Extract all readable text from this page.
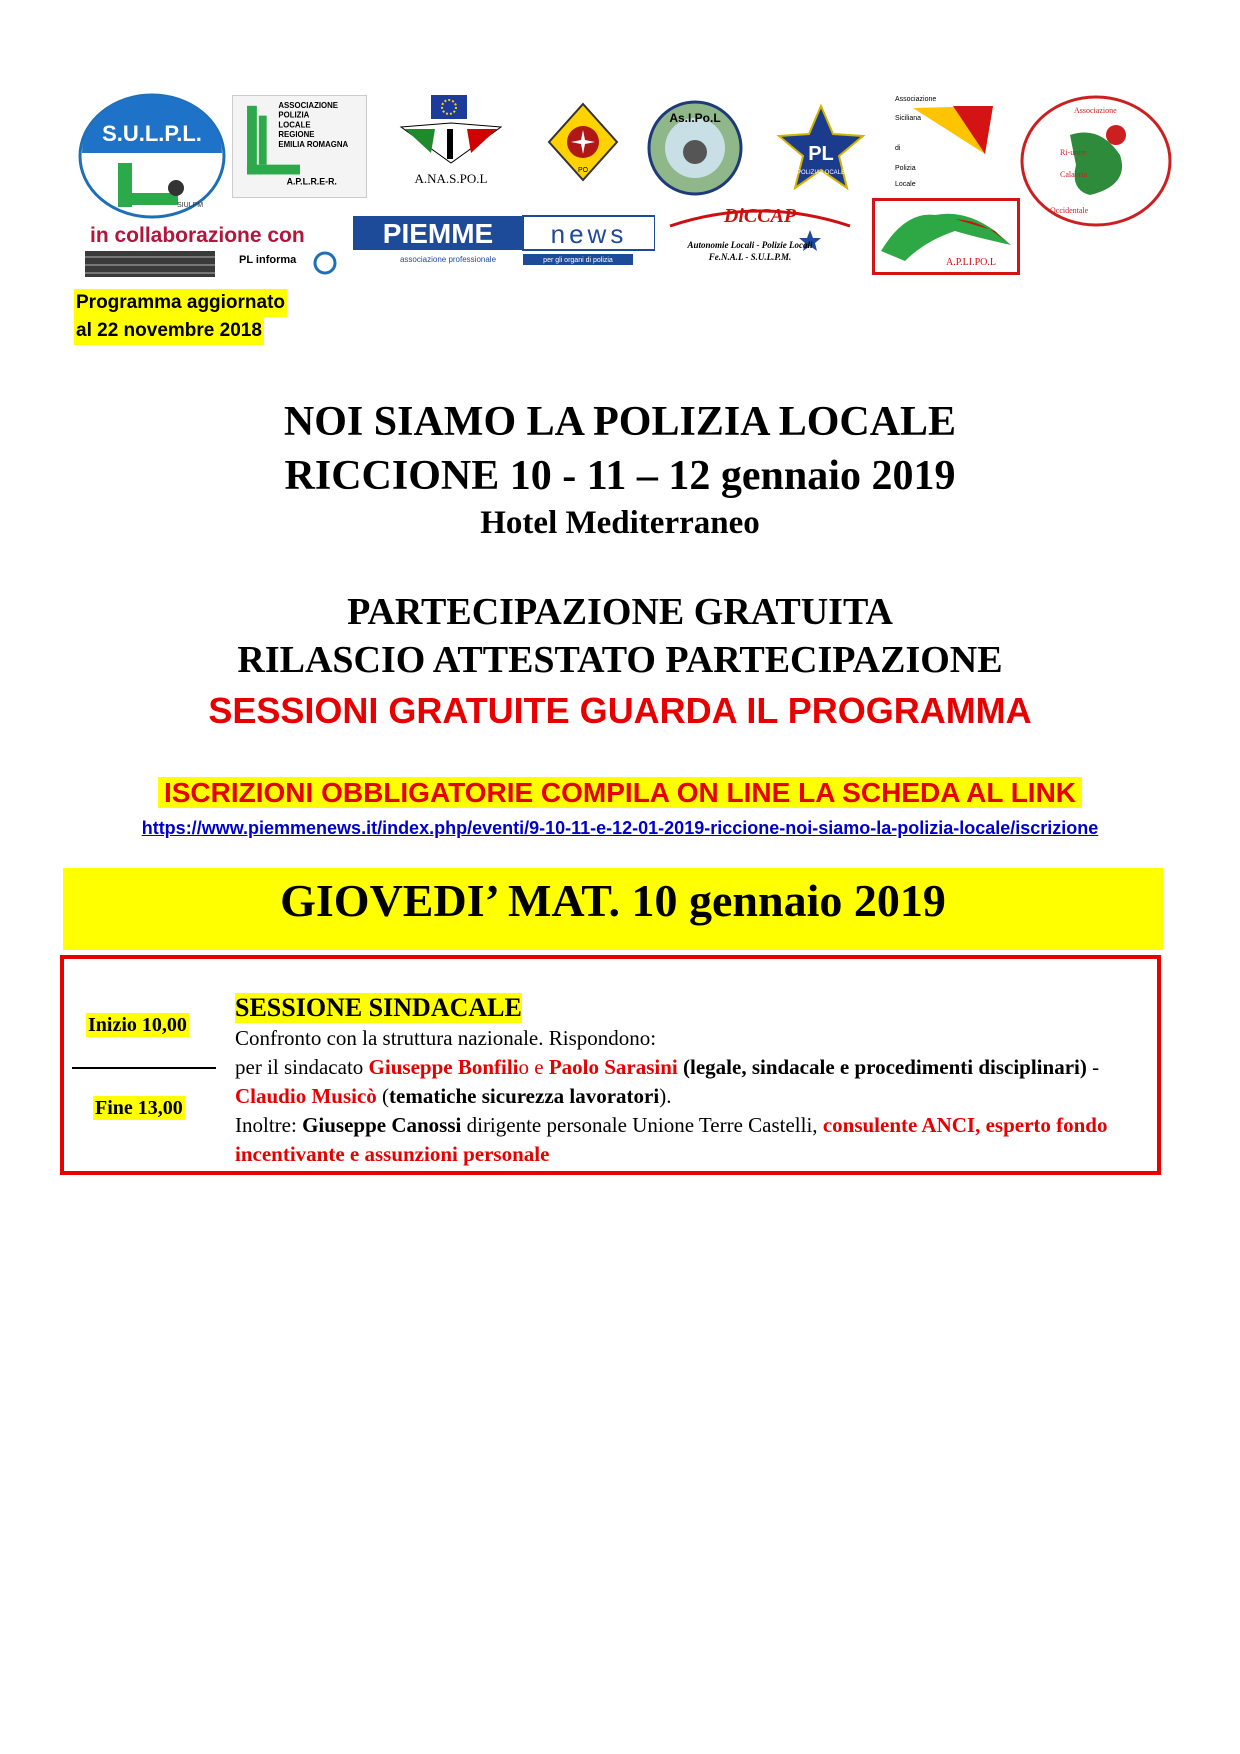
S.U.L.P.L.
SIULPM
ASSOCIAZIONE
POLIZIA
LOCALE
REGIONE
EMILIA ROMAGNA
A.P.L.R.E-R.	A.NA.S.PO.L
PO
As.I.Po.L
PL
POLIZIA LOCALE
Associazione
Siciliana
di
Polizia
Locale
Associazione
Ri-unire
Calabria
Occidentale
in collaborazione con
PL informa
PIEMME news
associazione professionale	per gli organi di polizia
DiCCAP
Autonomie Locali - Polizie Locali
Fe.N.A.L - S.U.L.P.M.	A.P.LI.PO.L
Programma aggiornato
al 22 novembre 2018
NOI SIAMO LA POLIZIA LOCALE
RICCIONE 10 - 11 – 12 gennaio 2019
Hotel Mediterraneo
PARTECIPAZIONE GRATUITA
RILASCIO ATTESTATO PARTECIPAZIONE
SESSIONI GRATUITE GUARDA IL PROGRAMMA
ISCRIZIONI OBBLIGATORIE COMPILA ON LINE LA SCHEDA AL LINK
https://www.piemmenews.it/index.php/eventi/9-10-11-e-12-01-2019-riccione-noi-siamo-la-polizia-locale/iscrizione
GIOVEDI’ MAT. 10 gennaio 2019
Inizio 10,00
Fine 13,00
SESSIONE SINDACALE
Confronto con la struttura nazionale. Rispondono:
per il sindacato Giuseppe Bonfilio e Paolo Sarasini (legale, sindacale e procedimenti disciplinari) - Claudio Musicò (tematiche sicurezza lavoratori).
Inoltre: Giuseppe Canossi dirigente personale Unione Terre Castelli, consulente ANCI, esperto fondo incentivante e assunzioni personale
